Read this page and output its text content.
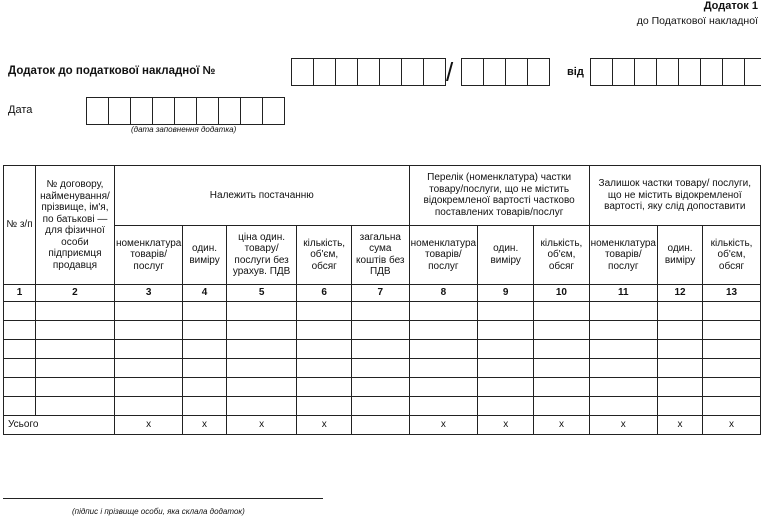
Додаток 1
до Податкової накладної
Додаток до податкової накладної №	/	від
Дата
(дата заповнення додатка)
№ з/п	№ договору, найменування/ прізвище, ім'я, по батькові — для фізичної особи підприємця продавця	Належить постачанню					Перелік (номенклатура) частки товару/послуги, що не містить відокремленої вартості частково поставлених товарів/послуг			Залишок частки товару/ послуги, що не містить відокремленої вартості, яку слід допоставити		
		номенклатура товарів/ послуг	один. виміру	ціна один. товару/ послуги без урахув. ПДВ	кількість, об'єм, обсяг	загальна сума коштів без ПДВ	номенклатура товарів/ послуг	один. виміру	кількість, об'єм, обсяг	номенклатура товарів/ послуг	один. виміру	кількість, об'єм, обсяг
1	2	3	4	5	6	7	8	9	10	11	12	13

Усього		х	х	х	х		х	х	х	х	х	х
(підпис і прізвище особи, яка склала додаток)
